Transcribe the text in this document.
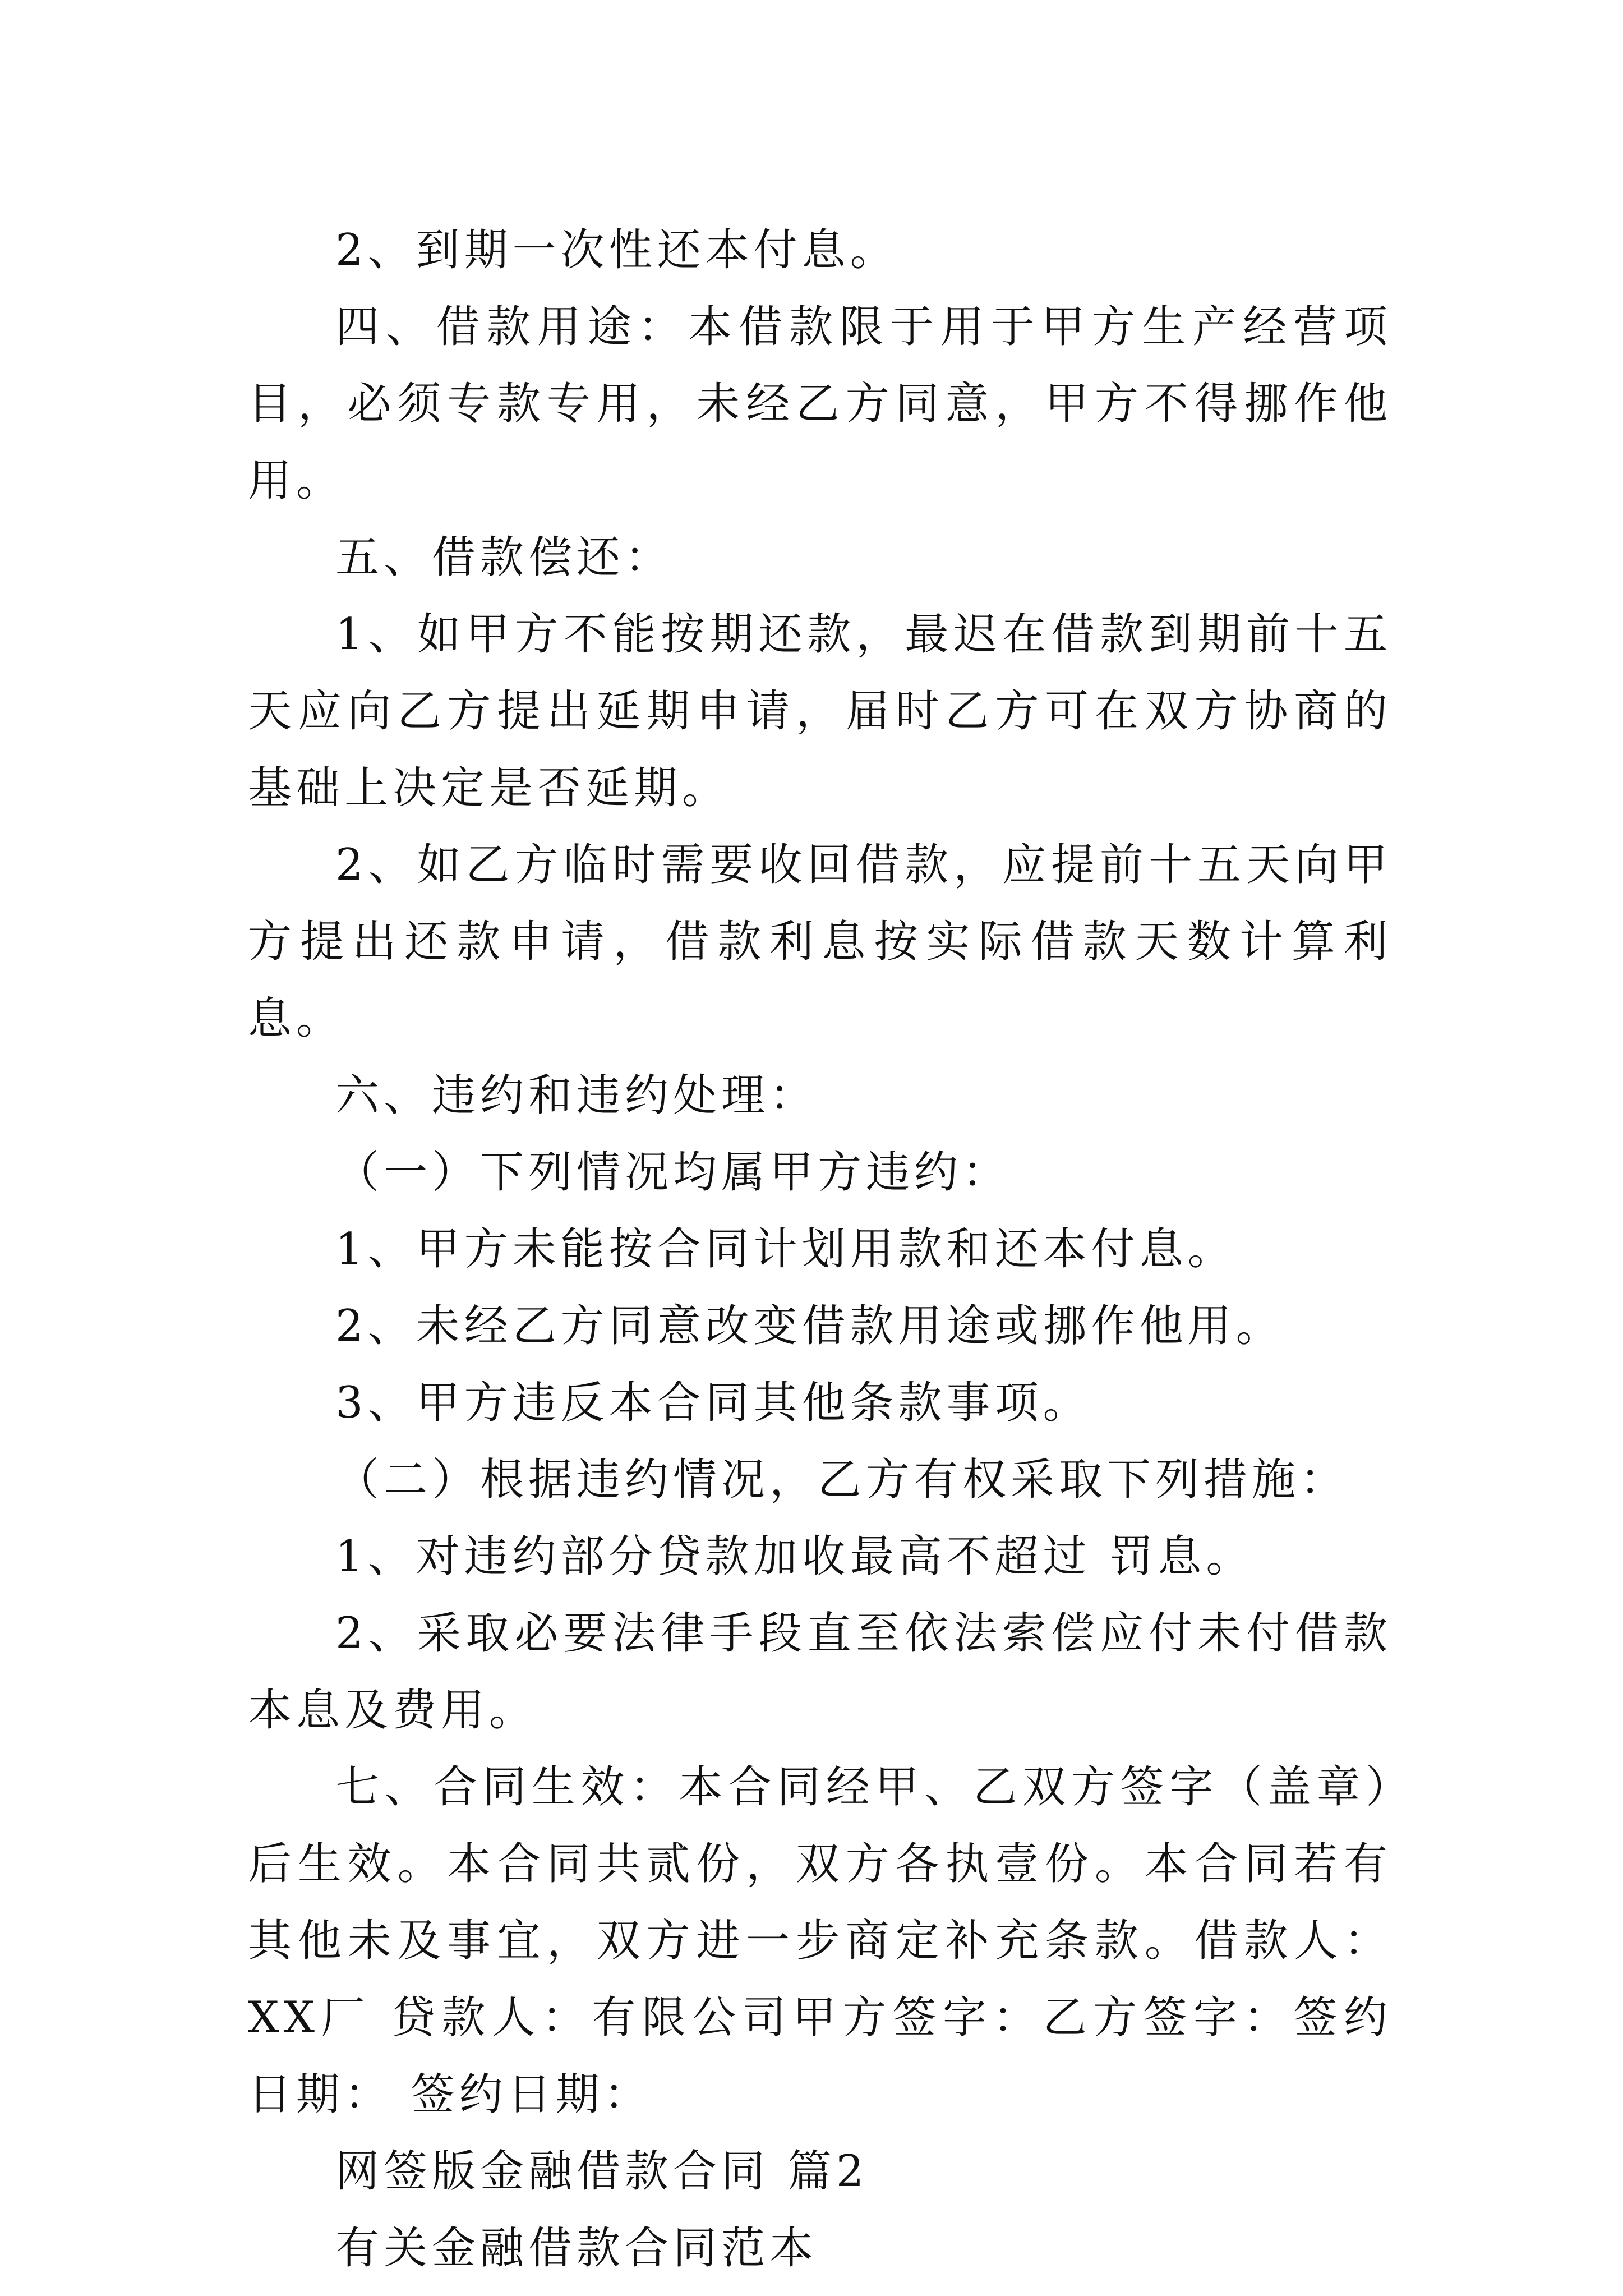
2、到期一次性还本付息。

四、借款用途：本借款限于用于甲方生产经营项目，必须专款专用，未经乙方同意，甲方不得挪作他用。

五、借款偿还：

1、如甲方不能按期还款，最迟在借款到期前十五天应向乙方提出延期申请，届时乙方可在双方协商的基础上决定是否延期。

2、如乙方临时需要收回借款，应提前十五天向甲方提出还款申请，借款利息按实际借款天数计算利息。

六、违约和违约处理：

（一）下列情况均属甲方违约：

1、甲方未能按合同计划用款和还本付息。

2、未经乙方同意改变借款用途或挪作他用。

3、甲方违反本合同其他条款事项。

（二）根据违约情况，乙方有权采取下列措施：

1、对违约部分贷款加收最高不超过 罚息。

2、采取必要法律手段直至依法索偿应付未付借款本息及费用。

七、合同生效：本合同经甲、乙双方签字（盖章）后生效。本合同共贰份，双方各执壹份。本合同若有其他未及事宜，双方进一步商定补充条款。借款人：XX厂 贷款人：有限公司甲方签字：乙方签字：签约日期： 签约日期：

网签版金融借款合同 篇2

有关金融借款合同范本
